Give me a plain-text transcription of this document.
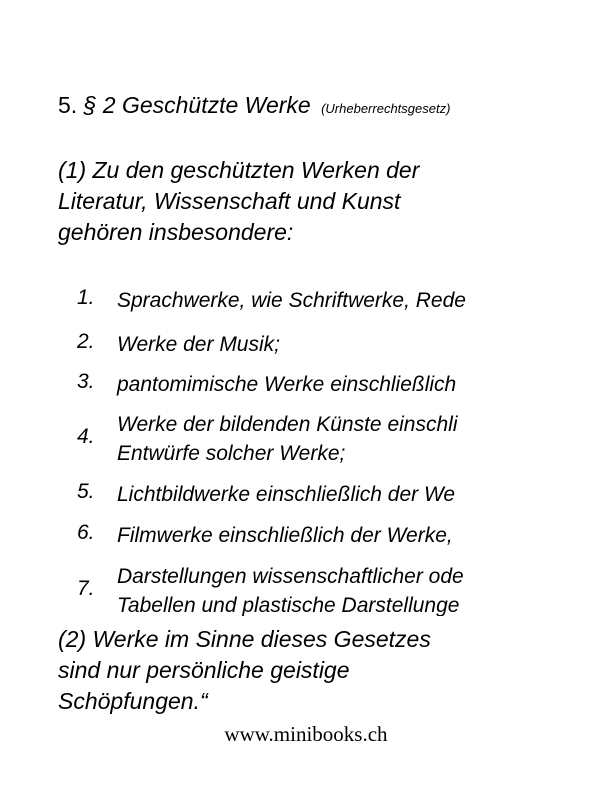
5. § 2 Geschützte Werke (Urheberrechtsgesetz)
(1) Zu den geschützten Werken der
Literatur, Wissenschaft und Kunst
gehören insbesondere:
1.	Sprachwerke, wie Schriftwerke, Rede
2.	Werke der Musik;
3.	pantomimische Werke einschließlich
4.
Werke der bildenden Künste einschli
Entwürfe solcher Werke;
5.	Lichtbildwerke einschließlich der We
6.	Filmwerke einschließlich der Werke,
7.
Darstellungen wissenschaftlicher ode
Tabellen und plastische Darstellunge
(2) Werke im Sinne dieses Gesetzes
sind nur persönliche geistige
Schöpfungen.“
www.minibooks.ch
